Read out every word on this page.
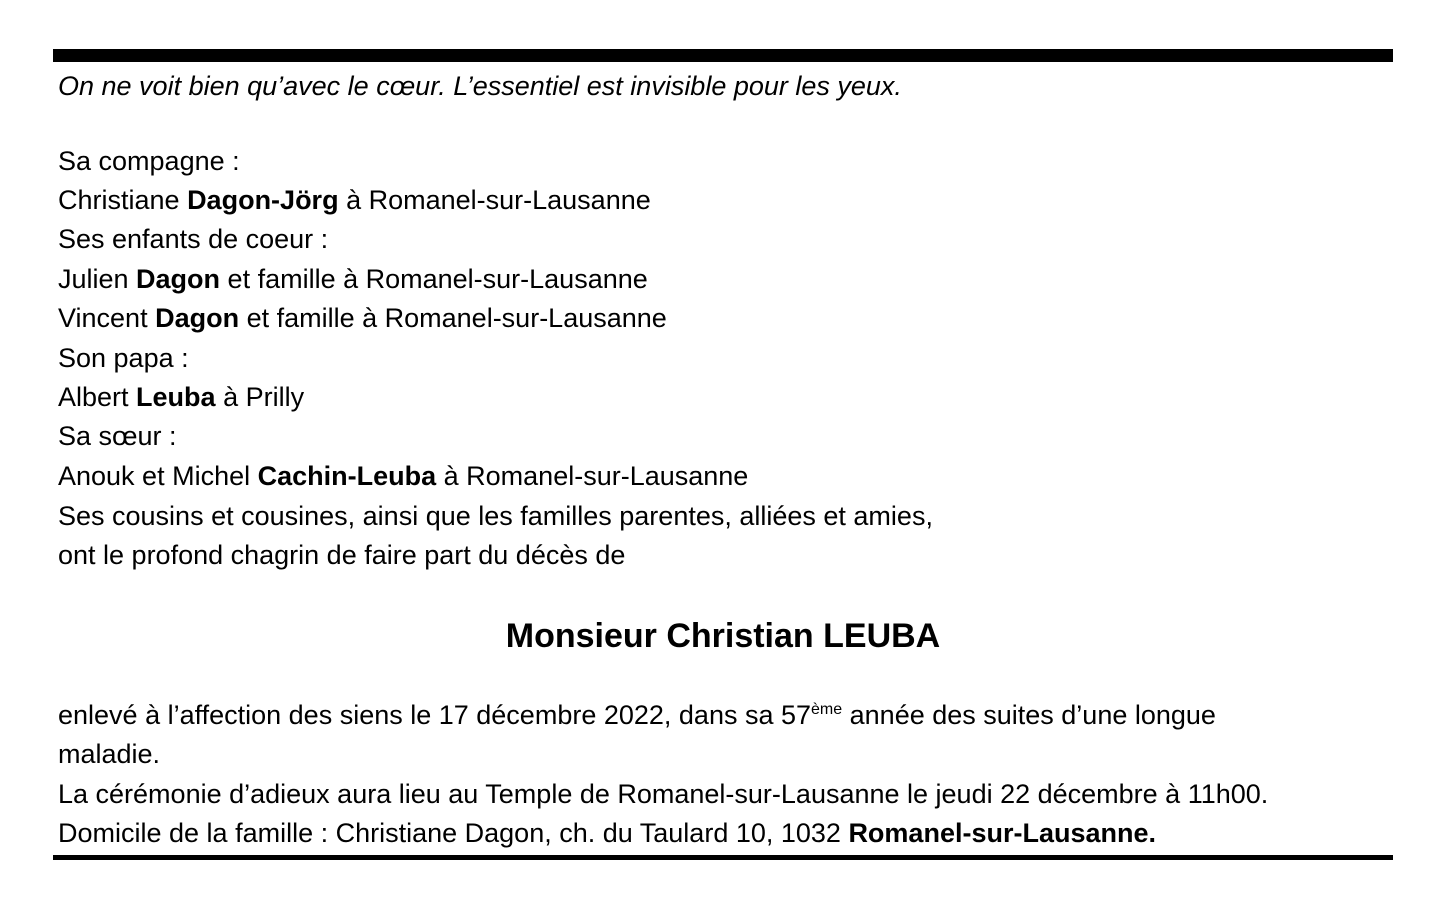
On ne voit bien qu’avec le cœur. L’essentiel est invisible pour les yeux.
Sa compagne :
Christiane Dagon-Jörg à Romanel-sur-Lausanne
Ses enfants de coeur :
Julien Dagon et famille à Romanel-sur-Lausanne
Vincent Dagon et famille à Romanel-sur-Lausanne
Son papa :
Albert Leuba à Prilly
Sa sœur :
Anouk et Michel Cachin-Leuba à Romanel-sur-Lausanne
Ses cousins et cousines, ainsi que les familles parentes, alliées et amies,
ont le profond chagrin de faire part du décès de
Monsieur Christian LEUBA
enlevé à l’affection des siens le 17 décembre 2022, dans sa 57ème année des suites d’une longue
maladie.
La cérémonie d’adieux aura lieu au Temple de Romanel-sur-Lausanne le jeudi 22 décembre à 11h00.
Domicile de la famille : Christiane Dagon, ch. du Taulard 10, 1032 Romanel-sur-Lausanne.
